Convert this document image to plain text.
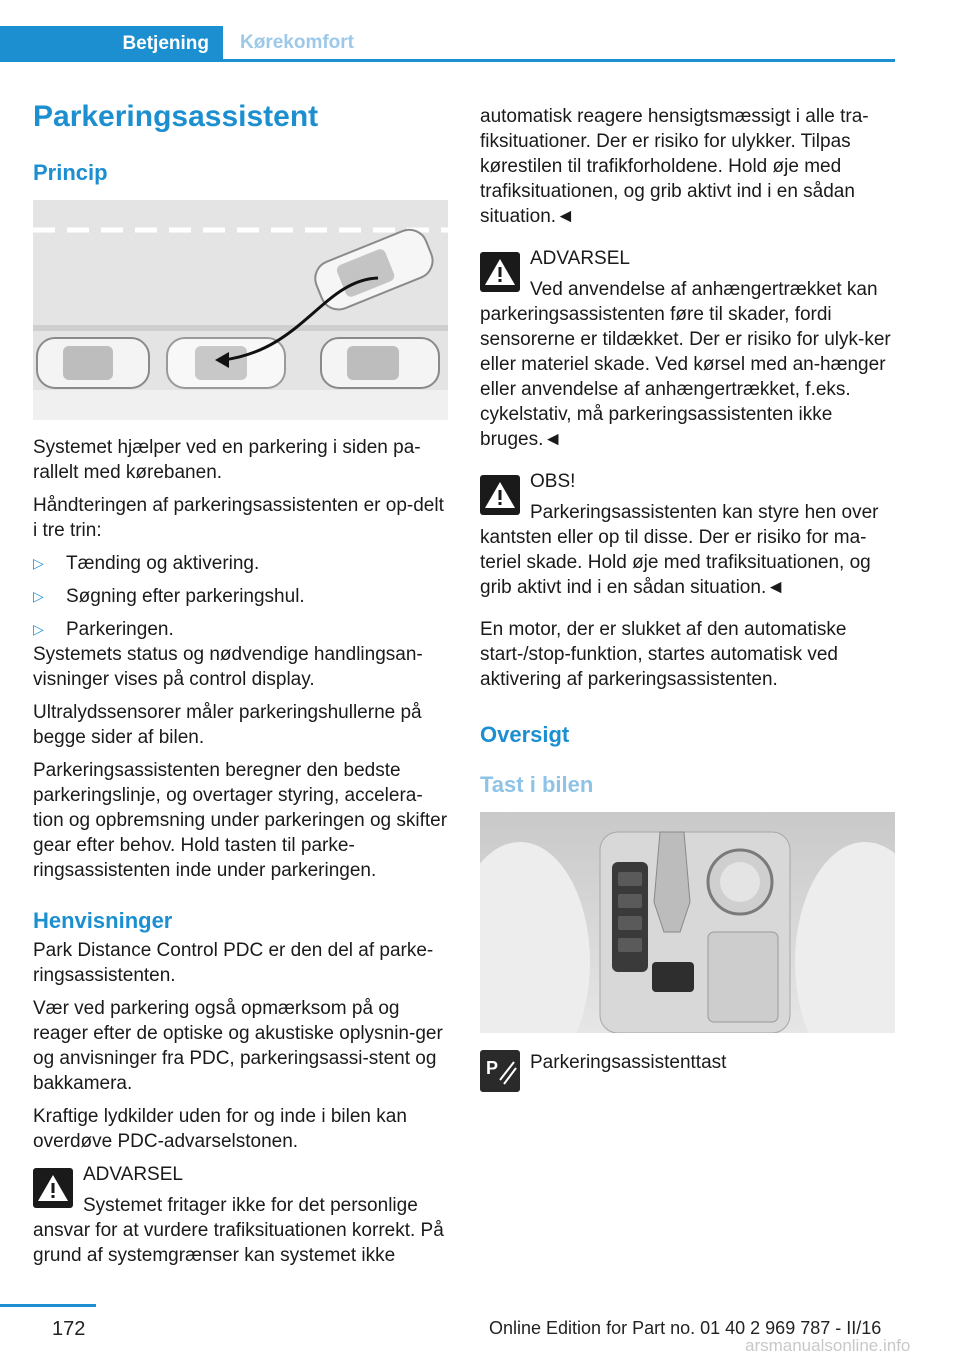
Betjening	Kørekomfort
Parkeringsassistent
Princip

Systemet hjælper ved en parkering i siden pa-rallelt med kørebanen.

Håndteringen af parkeringsassistenten er op-delt i tre trin:

▷ Tænding og aktivering.
▷ Søgning efter parkeringshul.
▷ Parkeringen.

Systemets status og nødvendige handlingsan-visninger vises på control display.

Ultralydssensorer måler parkeringshullerne på begge sider af bilen.

Parkeringsassistenten beregner den bedste parkeringslinje, og overtager styring, accelera-tion og opbremsning under parkeringen og skifter gear efter behov. Hold tasten til parke-ringsassistenten inde under parkeringen.

Henvisninger

Park Distance Control PDC er den del af parke-ringsassistenten.

Vær ved parkering også opmærksom på og reager efter de optiske og akustiske oplysnin-ger og anvisninger fra PDC, parkeringsassi-stent og bakkamera.

Kraftige lydkilder uden for og inde i bilen kan overdøve PDC-advarselstonen.

ADVARSEL

Systemet fritager ikke for det personlige ansvar for at vurdere trafiksituationen korrekt. På grund af systemgrænser kan systemet ikke

automatisk reagere hensigtsmæssigt i alle tra-fiksituationer. Der er risiko for ulykker. Tilpas kørestilen til trafikforholdene. Hold øje med trafiksituationen, og grib aktivt ind i en sådan situation.◄

ADVARSEL

Ved anvendelse af anhængertrækket kan parkeringsassistenten føre til skader, fordi sensorerne er tildækket. Der er risiko for ulyk-ker eller materiel skade. Ved kørsel med an-hænger eller anvendelse af anhængertrækket, f.eks. cykelstativ, må parkeringsassistenten ikke bruges.◄

OBS!

Parkeringsassistenten kan styre hen over kantsten eller op til disse. Der er risiko for ma-teriel skade. Hold øje med trafiksituationen, og grib aktivt ind i en sådan situation.◄

En motor, der er slukket af den automatiske start-/stop-funktion, startes automatisk ved aktivering af parkeringsassistenten.

Oversigt
Tast i bilen
P Parkeringsassistenttast

172	Online Edition for Part no. 01 40 2 969 787 - II/16
arsmanualsonline.info
